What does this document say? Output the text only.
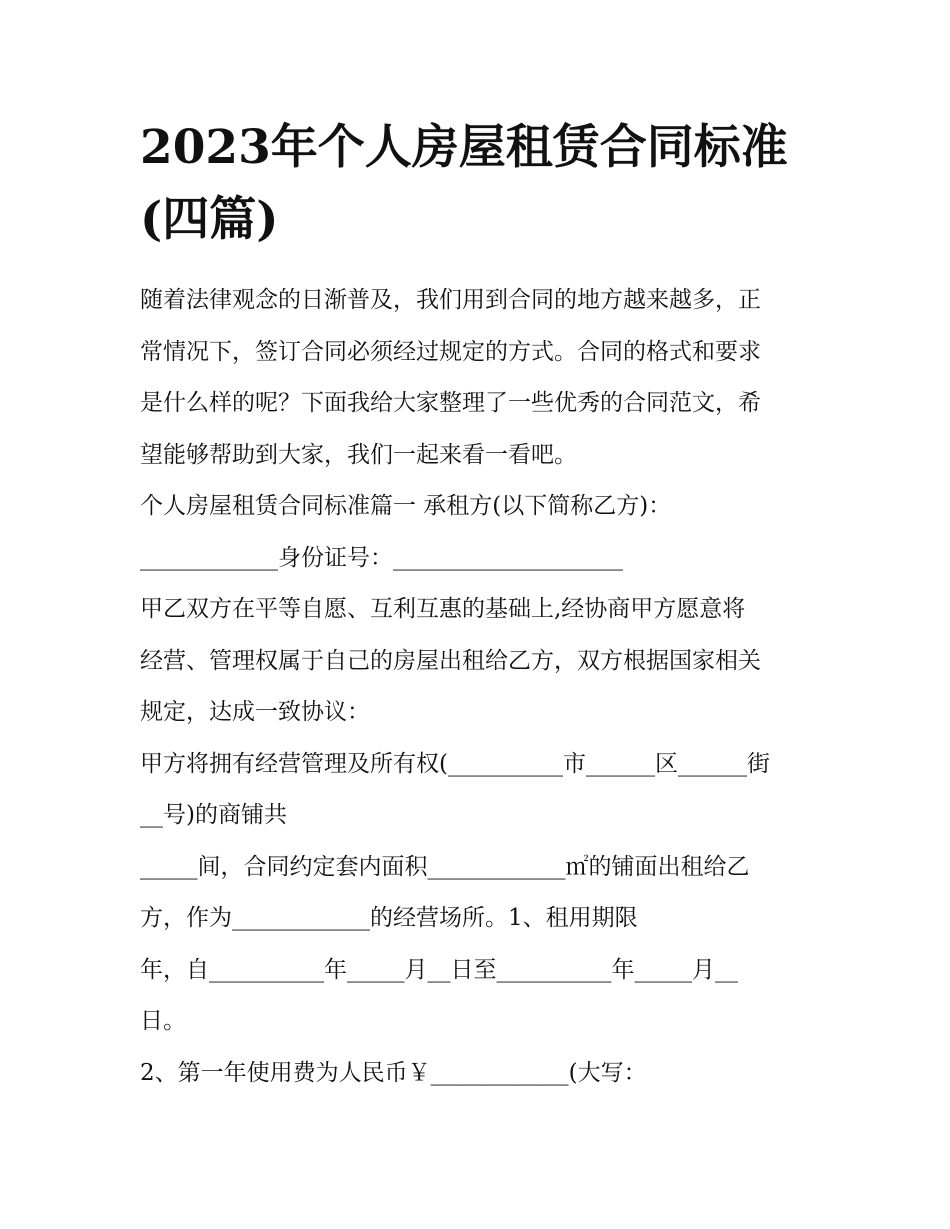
2023年个人房屋租赁合同标准
(四篇)
随着法律观念的日渐普及，我们用到合同的地方越来越多，正
常情况下，签订合同必须经过规定的方式。合同的格式和要求
是什么样的呢？下面我给大家整理了一些优秀的合同范文，希
望能够帮助到大家，我们一起来看一看吧。
个人房屋租赁合同标准篇一 承租方(以下简称乙方)：
____________身份证号：____________________
甲乙双方在平等自愿、互利互惠的基础上,经协商甲方愿意将
经营、管理权属于自己的房屋出租给乙方，双方根据国家相关
规定，达成一致协议：
甲方将拥有经营管理及所有权(__________市______区______街
__号)的商铺共
_____间，合同约定套内面积____________㎡的铺面出租给乙
方，作为____________的经营场所。1、租用期限
年，自__________年_____月__日至__________年_____月__
日。
2、第一年使用费为人民币￥____________(大写：
